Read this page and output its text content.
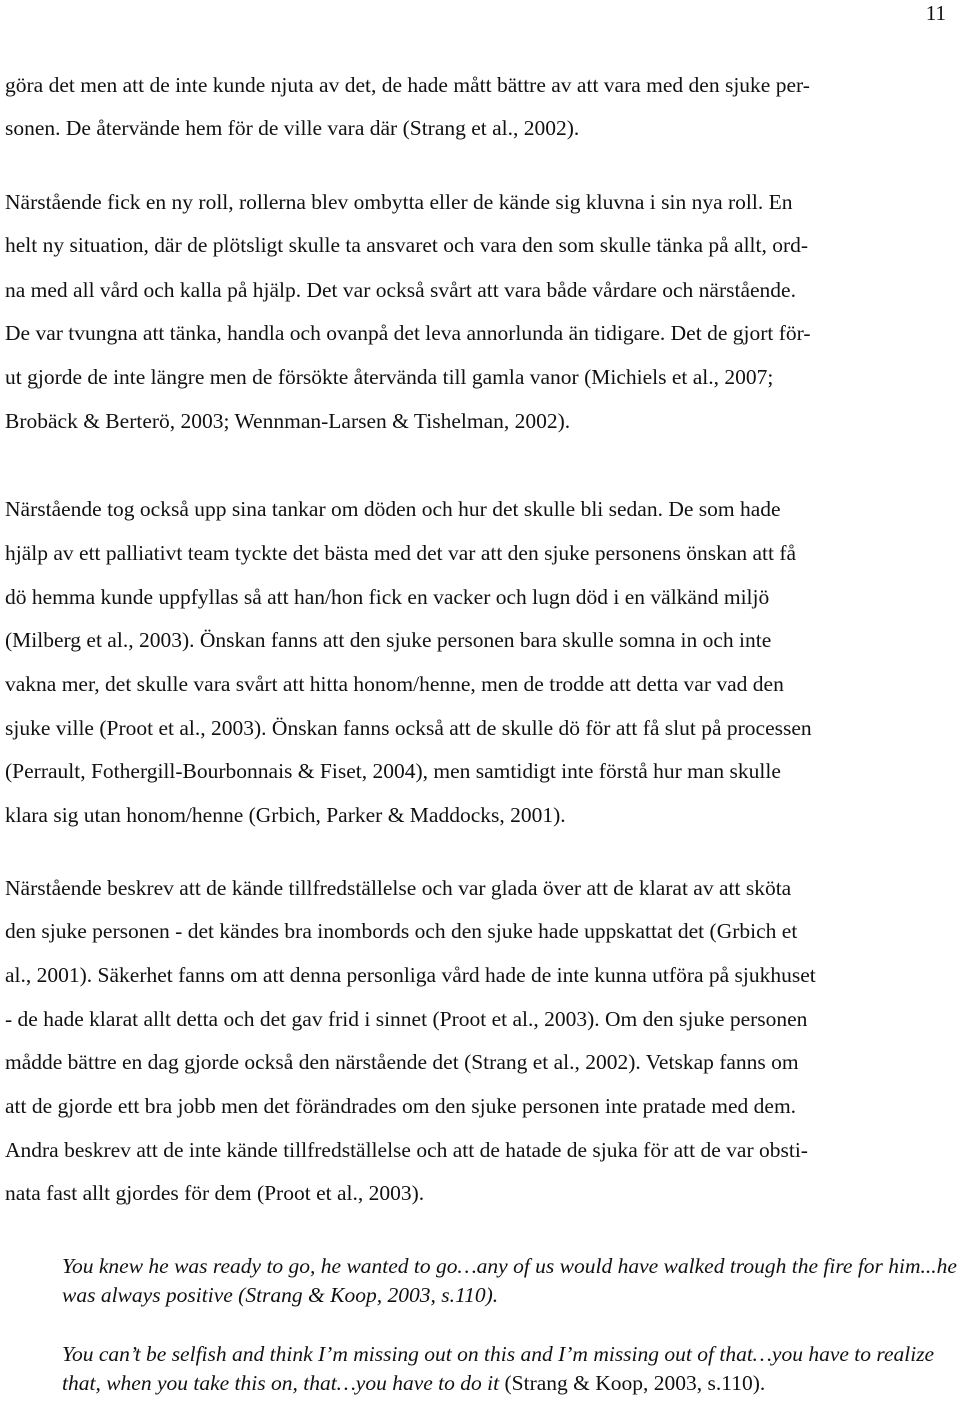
11
göra det men att de inte kunde njuta av det, de hade mått bättre av att vara med den sjuke per-
sonen. De återvände hem för de ville vara där (Strang et al., 2002).
Närstående fick en ny roll, rollerna blev ombytta eller de kände sig kluvna i sin nya roll. En
helt ny situation, där de plötsligt skulle ta ansvaret och vara den som skulle tänka på allt, ord-
na med all vård och kalla på hjälp. Det var också svårt att vara både vårdare och närstående.
De var tvungna att tänka, handla och ovanpå det leva annorlunda än tidigare. Det de gjort för-
ut gjorde de inte längre men de försökte återvända till gamla vanor (Michiels et al., 2007;
Brobäck & Berterö, 2003; Wennman-Larsen & Tishelman, 2002).
Närstående tog också upp sina tankar om döden och hur det skulle bli sedan. De som hade
hjälp av ett palliativt team tyckte det bästa med det var att den sjuke personens önskan att få
dö hemma kunde uppfyllas så att han/hon fick en vacker och lugn död i en välkänd miljö
(Milberg et al., 2003). Önskan fanns att den sjuke personen bara skulle somna in och inte
vakna mer, det skulle vara svårt att hitta honom/henne, men de trodde att detta var vad den
sjuke ville (Proot et al., 2003). Önskan fanns också att de skulle dö för att få slut på processen
(Perrault, Fothergill-Bourbonnais & Fiset, 2004), men samtidigt inte förstå hur man skulle
klara sig utan honom/henne (Grbich, Parker & Maddocks, 2001).
Närstående beskrev att de kände tillfredställelse och var glada över att de klarat av att sköta
den sjuke personen - det kändes bra inombords och den sjuke hade uppskattat det (Grbich et
al., 2001). Säkerhet fanns om att denna personliga vård hade de inte kunna utföra på sjukhuset
- de hade klarat allt detta och det gav frid i sinnet (Proot et al., 2003). Om den sjuke personen
mådde bättre en dag gjorde också den närstående det (Strang et al., 2002). Vetskap fanns om
att de gjorde ett bra jobb men det förändrades om den sjuke personen inte pratade med dem.
Andra beskrev att de inte kände tillfredställelse och att de hatade de sjuka för att de var obsti-
nata fast allt gjordes för dem (Proot et al., 2003).
You knew he was ready to go, he wanted to go…any of us would have walked trough the fire for him...he was always positive (Strang & Koop, 2003, s.110).
You can’t be selfish and think I’m missing out on this and I’m missing out of that…you have to realize that, when you take this on, that…you have to do it (Strang & Koop, 2003, s.110).
